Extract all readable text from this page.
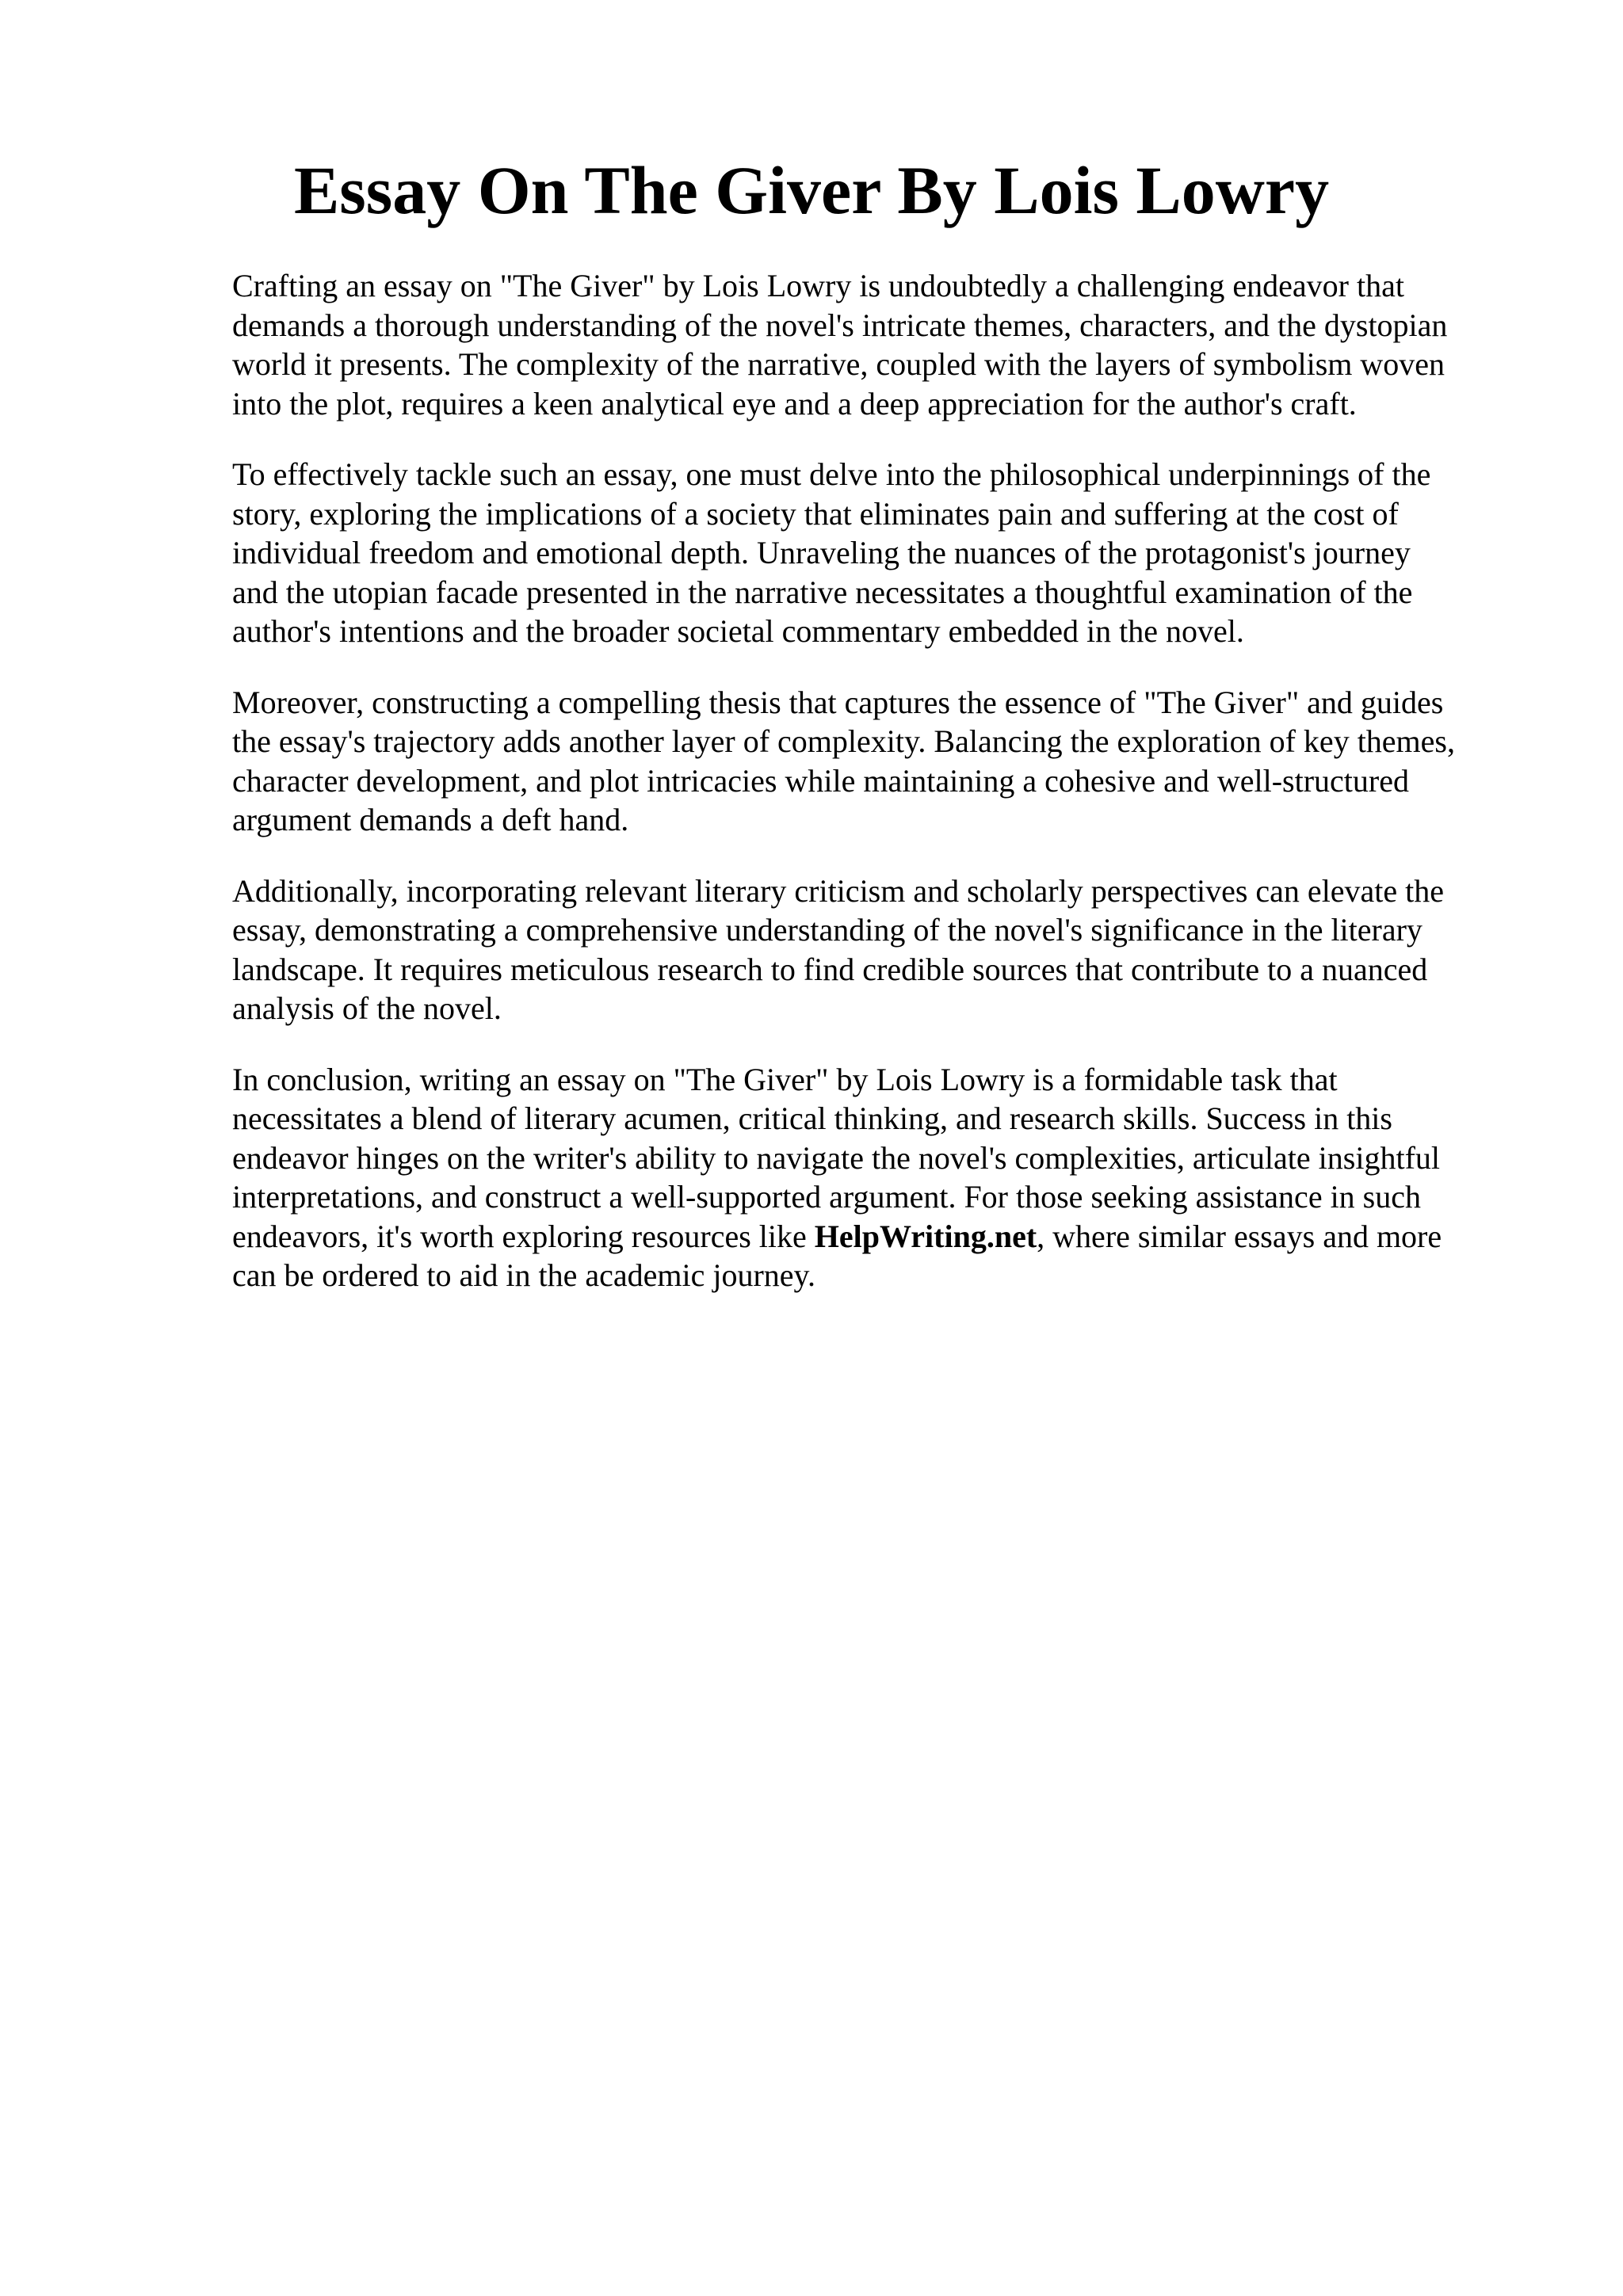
Essay On The Giver By Lois Lowry

Crafting an essay on "The Giver" by Lois Lowry is undoubtedly a challenging endeavor that
demands a thorough understanding of the novel's intricate themes, characters, and the dystopian
world it presents. The complexity of the narrative, coupled with the layers of symbolism woven
into the plot, requires a keen analytical eye and a deep appreciation for the author's craft.

To effectively tackle such an essay, one must delve into the philosophical underpinnings of the
story, exploring the implications of a society that eliminates pain and suffering at the cost of
individual freedom and emotional depth. Unraveling the nuances of the protagonist's journey
and the utopian facade presented in the narrative necessitates a thoughtful examination of the
author's intentions and the broader societal commentary embedded in the novel.

Moreover, constructing a compelling thesis that captures the essence of "The Giver" and guides
the essay's trajectory adds another layer of complexity. Balancing the exploration of key themes,
character development, and plot intricacies while maintaining a cohesive and well-structured
argument demands a deft hand.

Additionally, incorporating relevant literary criticism and scholarly perspectives can elevate the
essay, demonstrating a comprehensive understanding of the novel's significance in the literary
landscape. It requires meticulous research to find credible sources that contribute to a nuanced
analysis of the novel.

In conclusion, writing an essay on "The Giver" by Lois Lowry is a formidable task that
necessitates a blend of literary acumen, critical thinking, and research skills. Success in this
endeavor hinges on the writer's ability to navigate the novel's complexities, articulate insightful
interpretations, and construct a well-supported argument. For those seeking assistance in such
endeavors, it's worth exploring resources like HelpWriting.net, where similar essays and more
can be ordered to aid in the academic journey.
